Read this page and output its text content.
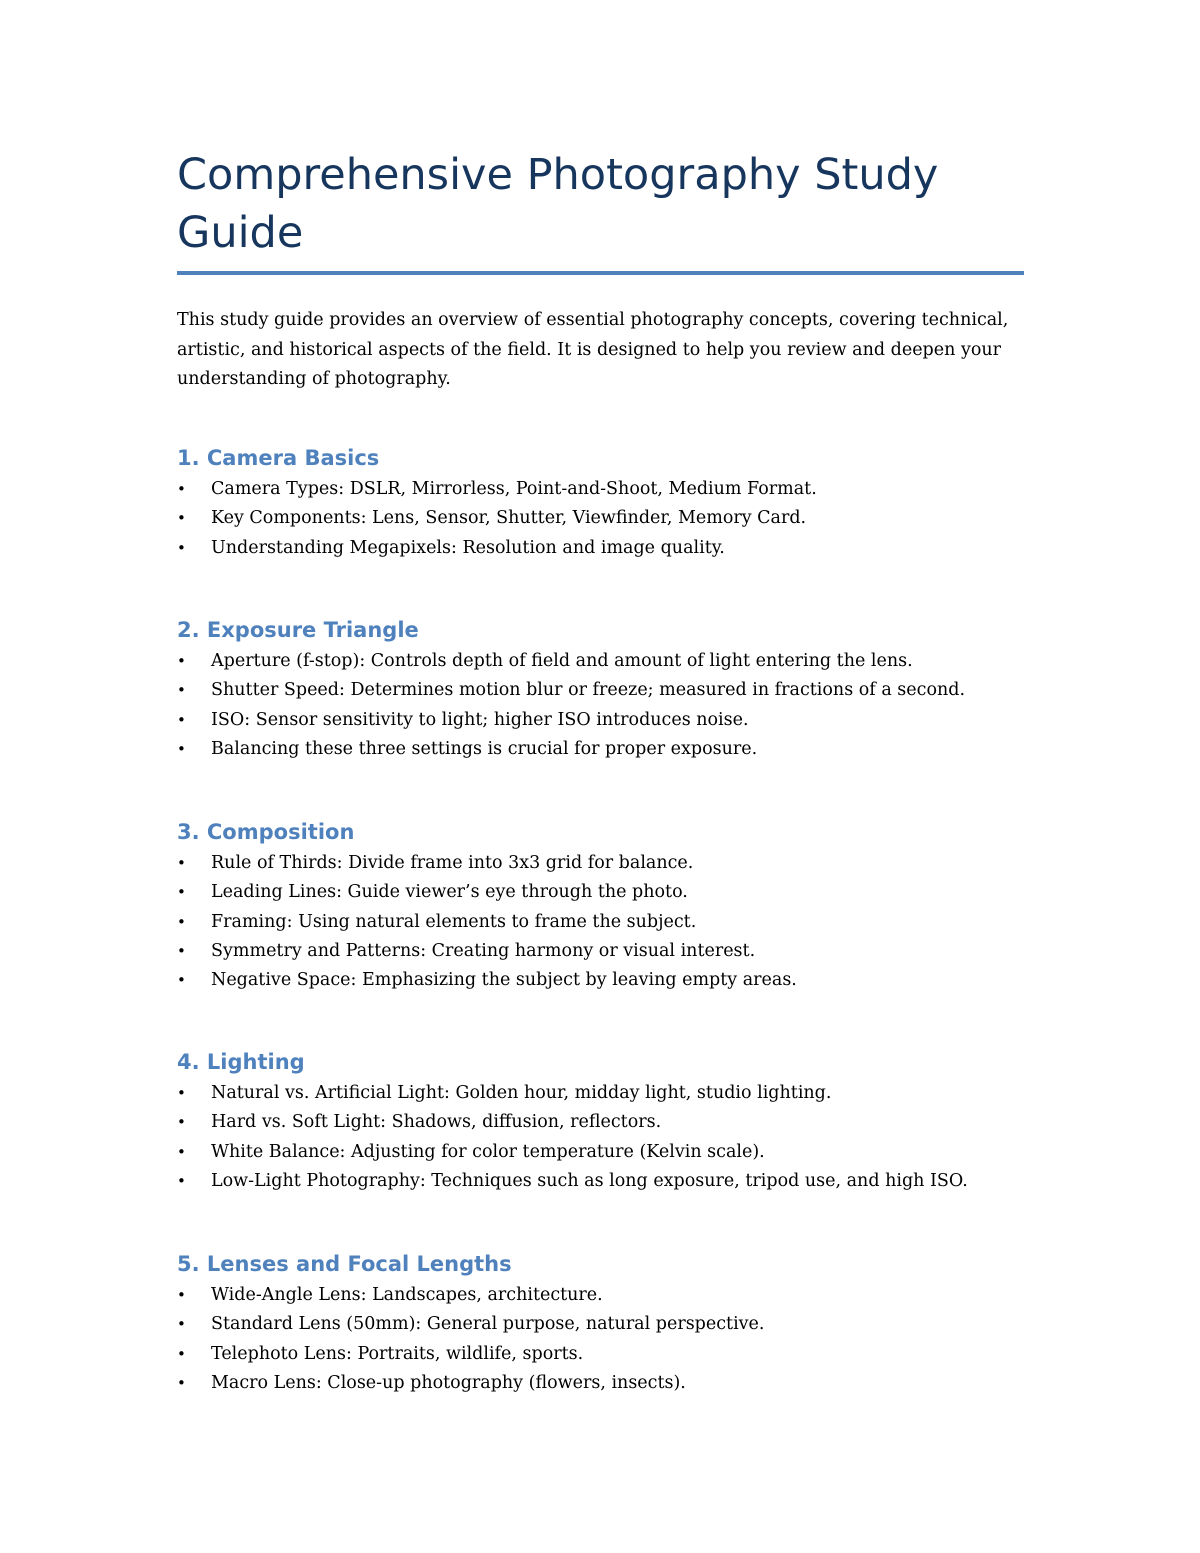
Comprehensive Photography Study Guide

This study guide provides an overview of essential photography concepts, covering technical, artistic, and historical aspects of the field. It is designed to help you review and deepen your understanding of photography.

1. Camera Basics
• Camera Types: DSLR, Mirrorless, Point-and-Shoot, Medium Format.
• Key Components: Lens, Sensor, Shutter, Viewfinder, Memory Card.
• Understanding Megapixels: Resolution and image quality.
2. Exposure Triangle
• Aperture (f-stop): Controls depth of field and amount of light entering the lens.
• Shutter Speed: Determines motion blur or freeze; measured in fractions of a second.
• ISO: Sensor sensitivity to light; higher ISO introduces noise.
• Balancing these three settings is crucial for proper exposure.
3. Composition
• Rule of Thirds: Divide frame into 3x3 grid for balance.
• Leading Lines: Guide viewer’s eye through the photo.
• Framing: Using natural elements to frame the subject.
• Symmetry and Patterns: Creating harmony or visual interest.
• Negative Space: Emphasizing the subject by leaving empty areas.
4. Lighting
• Natural vs. Artificial Light: Golden hour, midday light, studio lighting.
• Hard vs. Soft Light: Shadows, diffusion, reflectors.
• White Balance: Adjusting for color temperature (Kelvin scale).
• Low-Light Photography: Techniques such as long exposure, tripod use, and high ISO.
5. Lenses and Focal Lengths
• Wide-Angle Lens: Landscapes, architecture.
• Standard Lens (50mm): General purpose, natural perspective.
• Telephoto Lens: Portraits, wildlife, sports.
• Macro Lens: Close-up photography (flowers, insects).
